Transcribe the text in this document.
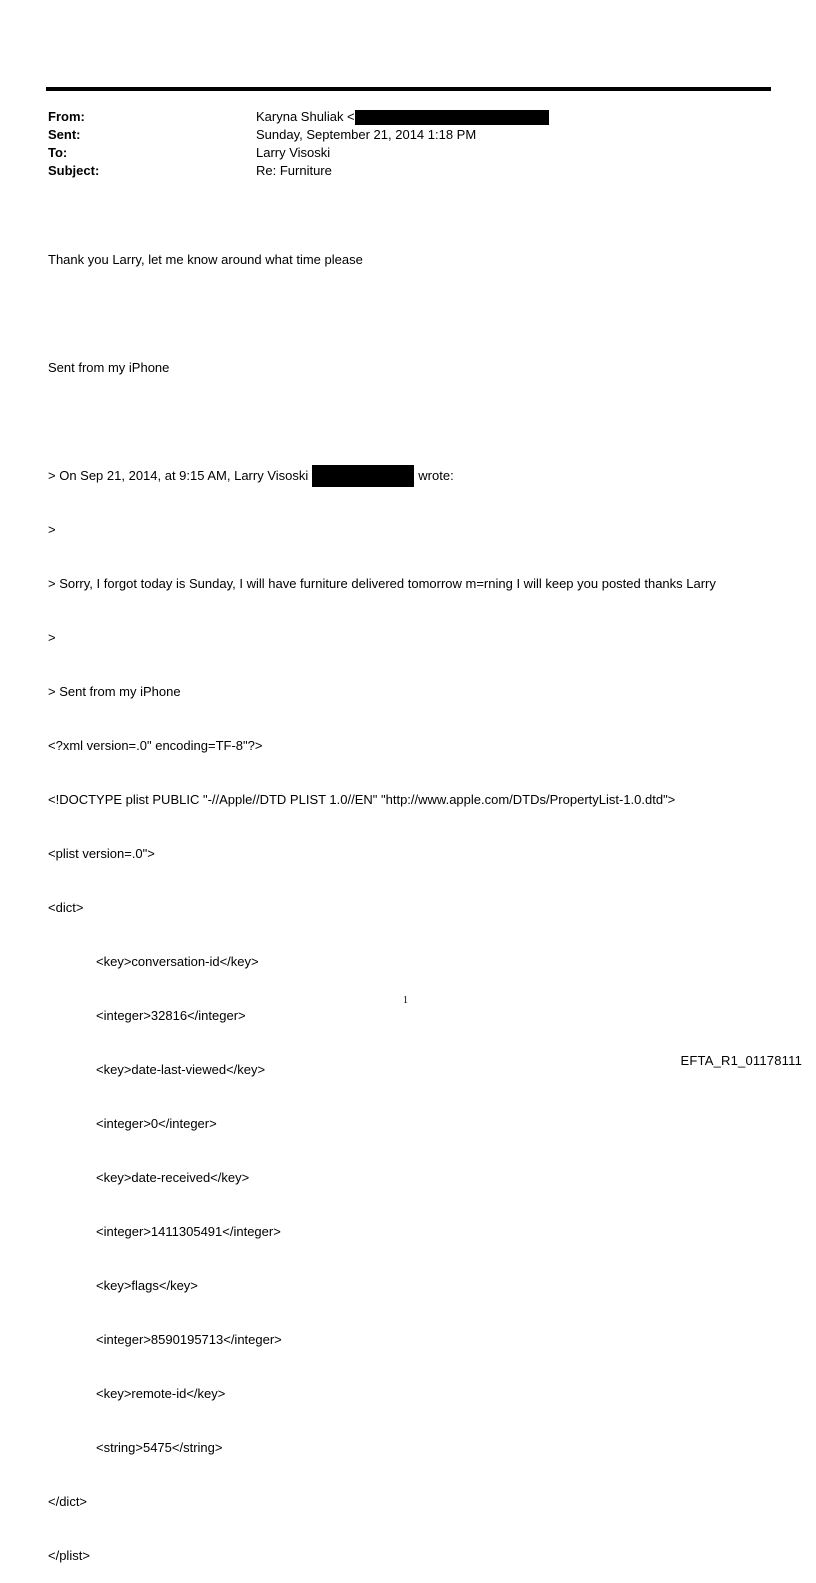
From:	Karyna Shuliak <
Sent:	Sunday, September 21, 2014 1:18 PM
To:	Larry Visoski
Subject:	Re: Furniture

Thank you Larry, let me know around what time please

Sent from my iPhone

> On Sep 21, 2014, at 9:15 AM, Larry Visoski	wrote:

>

> Sorry, I forgot today is Sunday, I will have furniture delivered tomorrow m=rning I will keep you posted thanks Larry

>

> Sent from my iPhone

<?xml version=.0" encoding=TF-8"?>

<!DOCTYPE plist PUBLIC "-//Apple//DTD PLIST 1.0//EN" "http://www.apple.com/DTDs/PropertyList-1.0.dtd">

<plist version=.0">

<dict>

<key>conversation-id</key>

<integer>32816</integer>

<key>date-last-viewed</key>

<integer>0</integer>

<key>date-received</key>

<integer>1411305491</integer>

<key>flags</key>

<integer>8590195713</integer>

<key>remote-id</key>

<string>5475</string>

</dict>

</plist>

1
EFTA_R1_01178111
